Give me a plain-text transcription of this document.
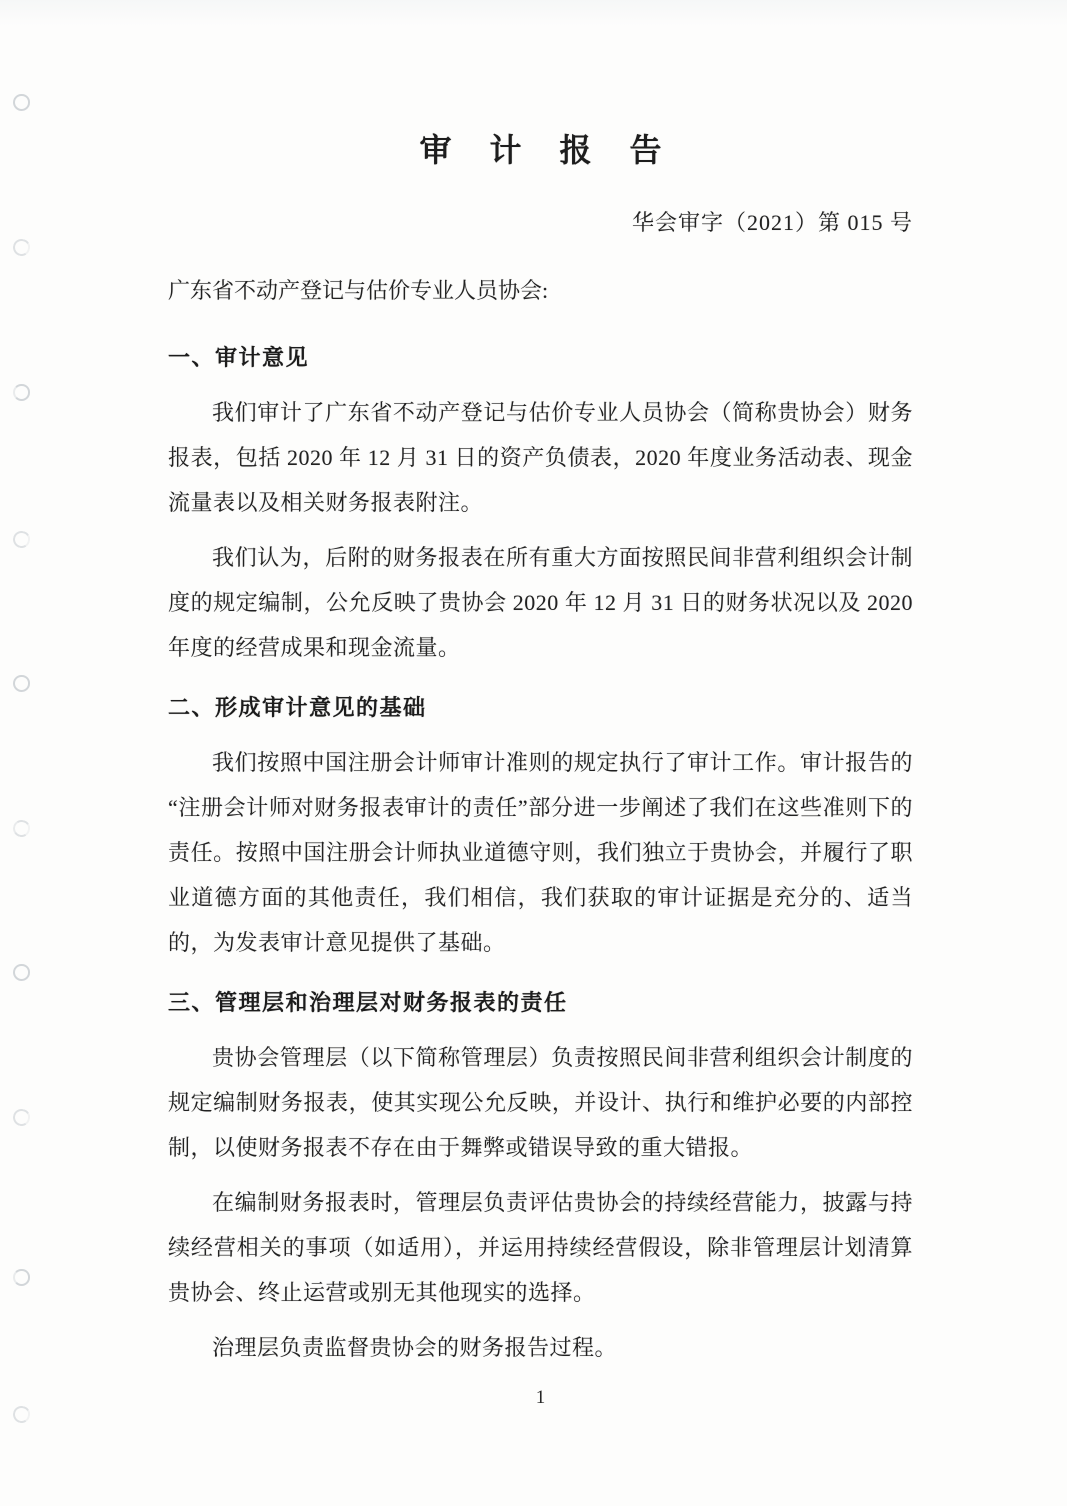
审 计 报 告
华会审字（2021）第 015 号

广东省不动产登记与估价专业人员协会:

一、审计意见

我们审计了广东省不动产登记与估价专业人员协会（简称贵协会）财务报表，包括 2020 年 12 月 31 日的资产负债表，2020 年度业务活动表、现金流量表以及相关财务报表附注。

我们认为，后附的财务报表在所有重大方面按照民间非营利组织会计制度的规定编制，公允反映了贵协会 2020 年 12 月 31 日的财务状况以及 2020 年度的经营成果和现金流量。

二、形成审计意见的基础

我们按照中国注册会计师审计准则的规定执行了审计工作。审计报告的“注册会计师对财务报表审计的责任”部分进一步阐述了我们在这些准则下的责任。按照中国注册会计师执业道德守则，我们独立于贵协会，并履行了职业道德方面的其他责任，我们相信，我们获取的审计证据是充分的、适当的，为发表审计意见提供了基础。

三、管理层和治理层对财务报表的责任

贵协会管理层（以下简称管理层）负责按照民间非营利组织会计制度的规定编制财务报表，使其实现公允反映，并设计、执行和维护必要的内部控制，以使财务报表不存在由于舞弊或错误导致的重大错报。

在编制财务报表时，管理层负责评估贵协会的持续经营能力，披露与持续经营相关的事项（如适用），并运用持续经营假设，除非管理层计划清算贵协会、终止运营或别无其他现实的选择。

治理层负责监督贵协会的财务报告过程。

1
